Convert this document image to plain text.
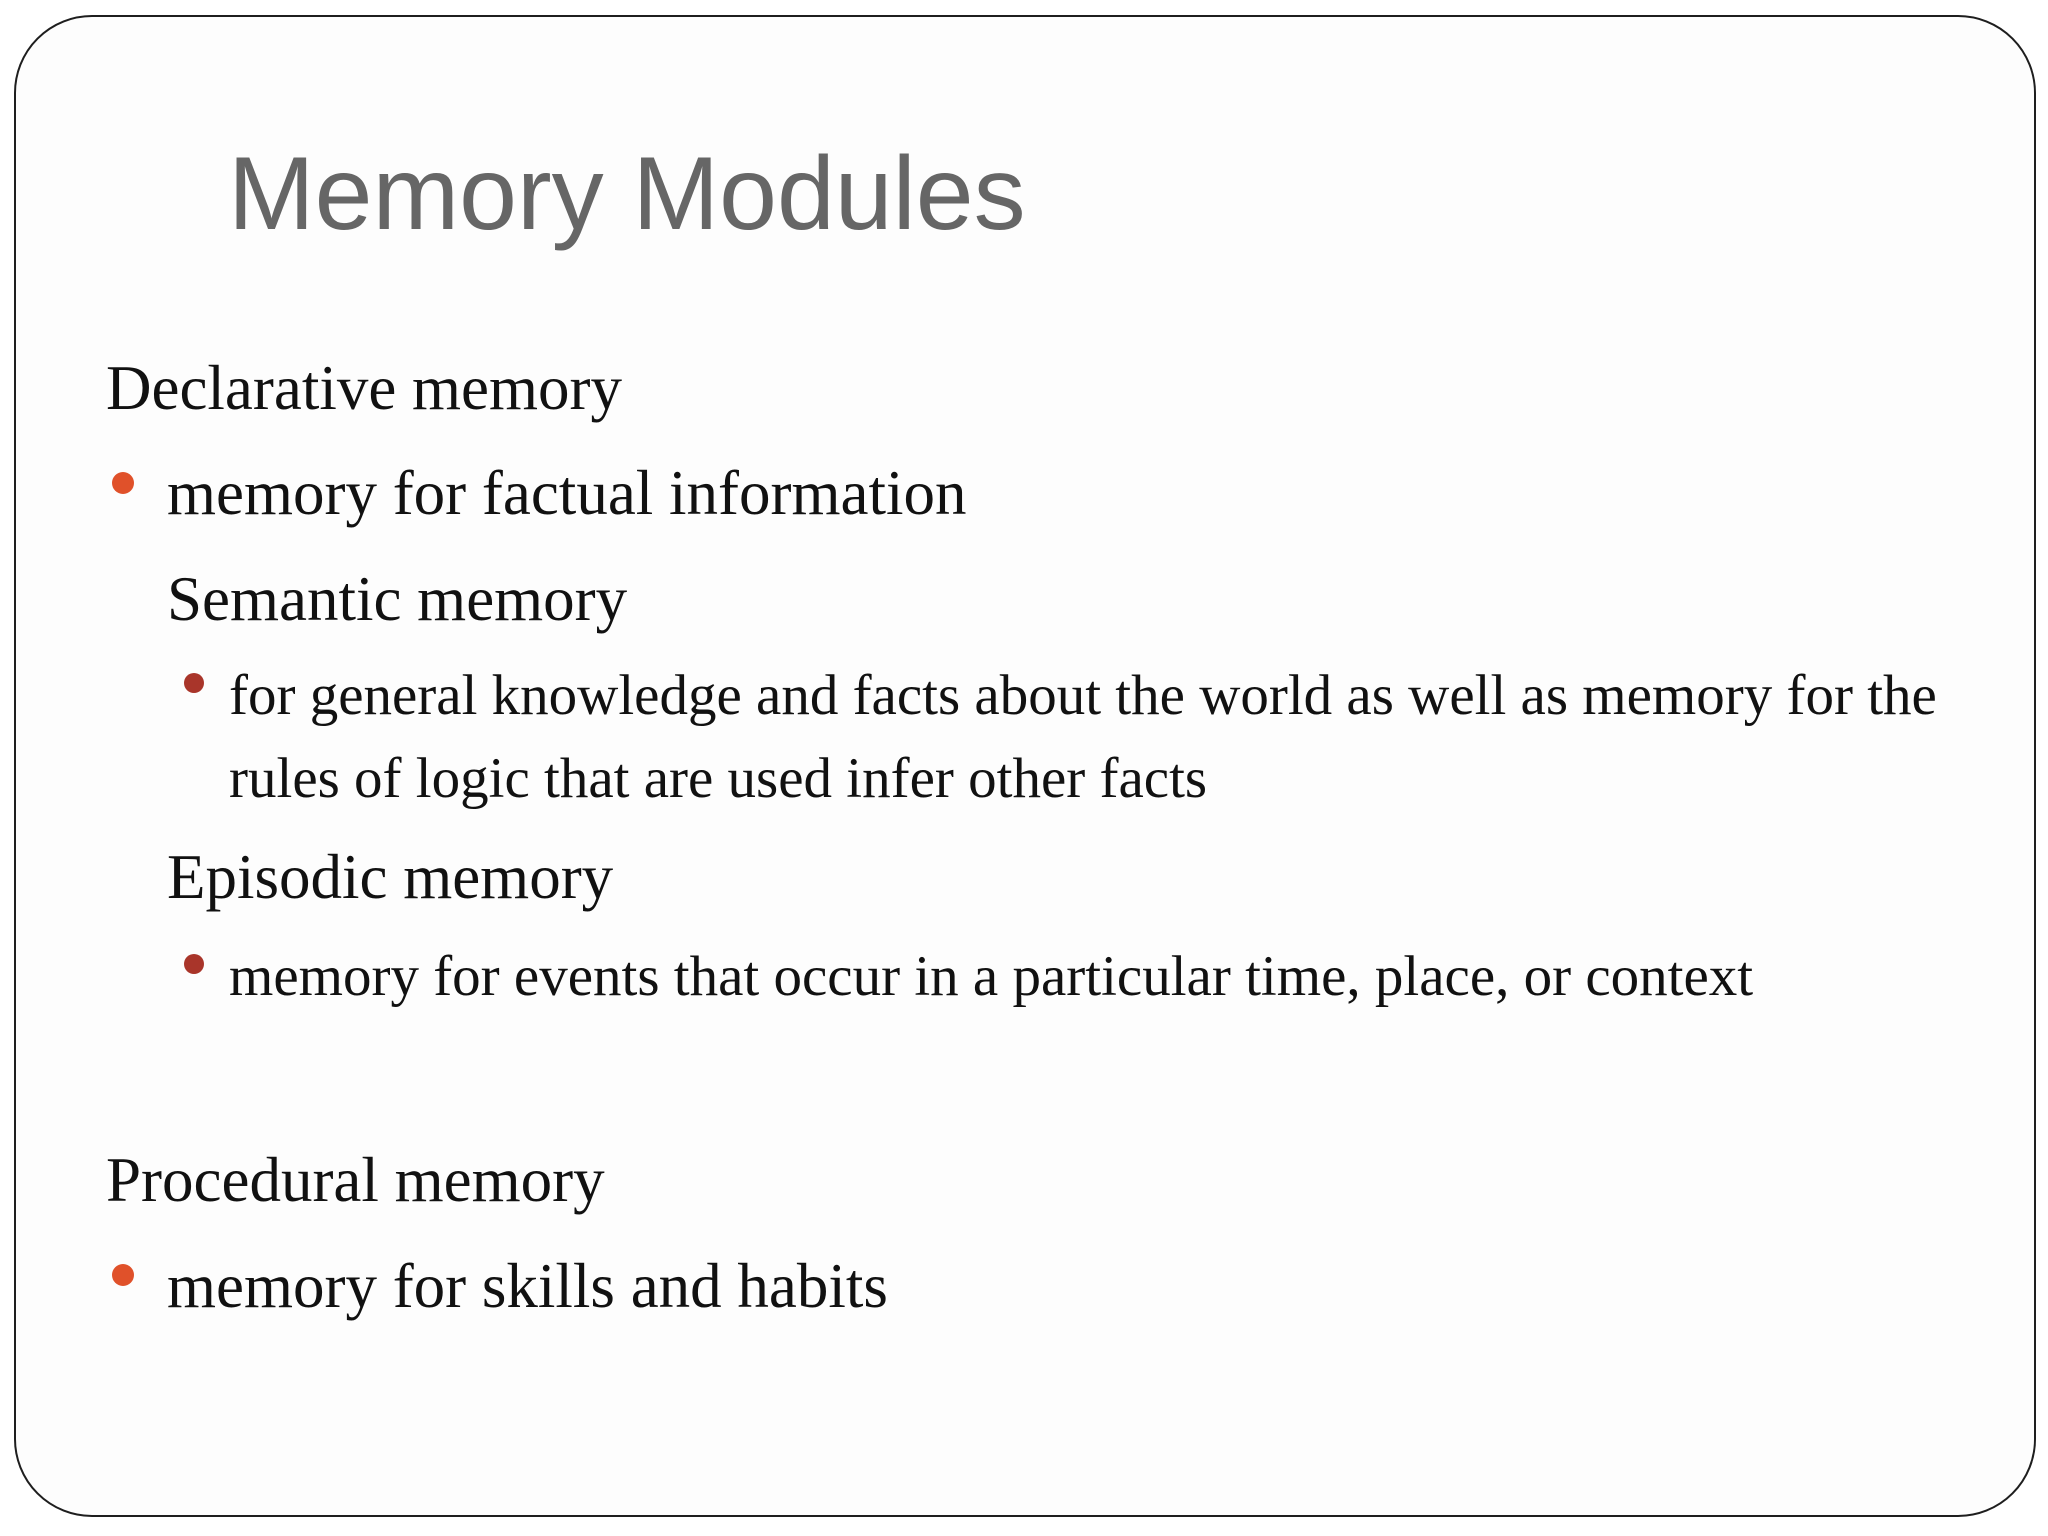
Memory Modules

Declarative memory

memory for factual information

Semantic memory

for general knowledge and facts about the world as well as memory for the rules of logic that are used infer other facts

Episodic memory

memory for events that occur in a particular time, place, or context

Procedural memory

memory for skills and habits
